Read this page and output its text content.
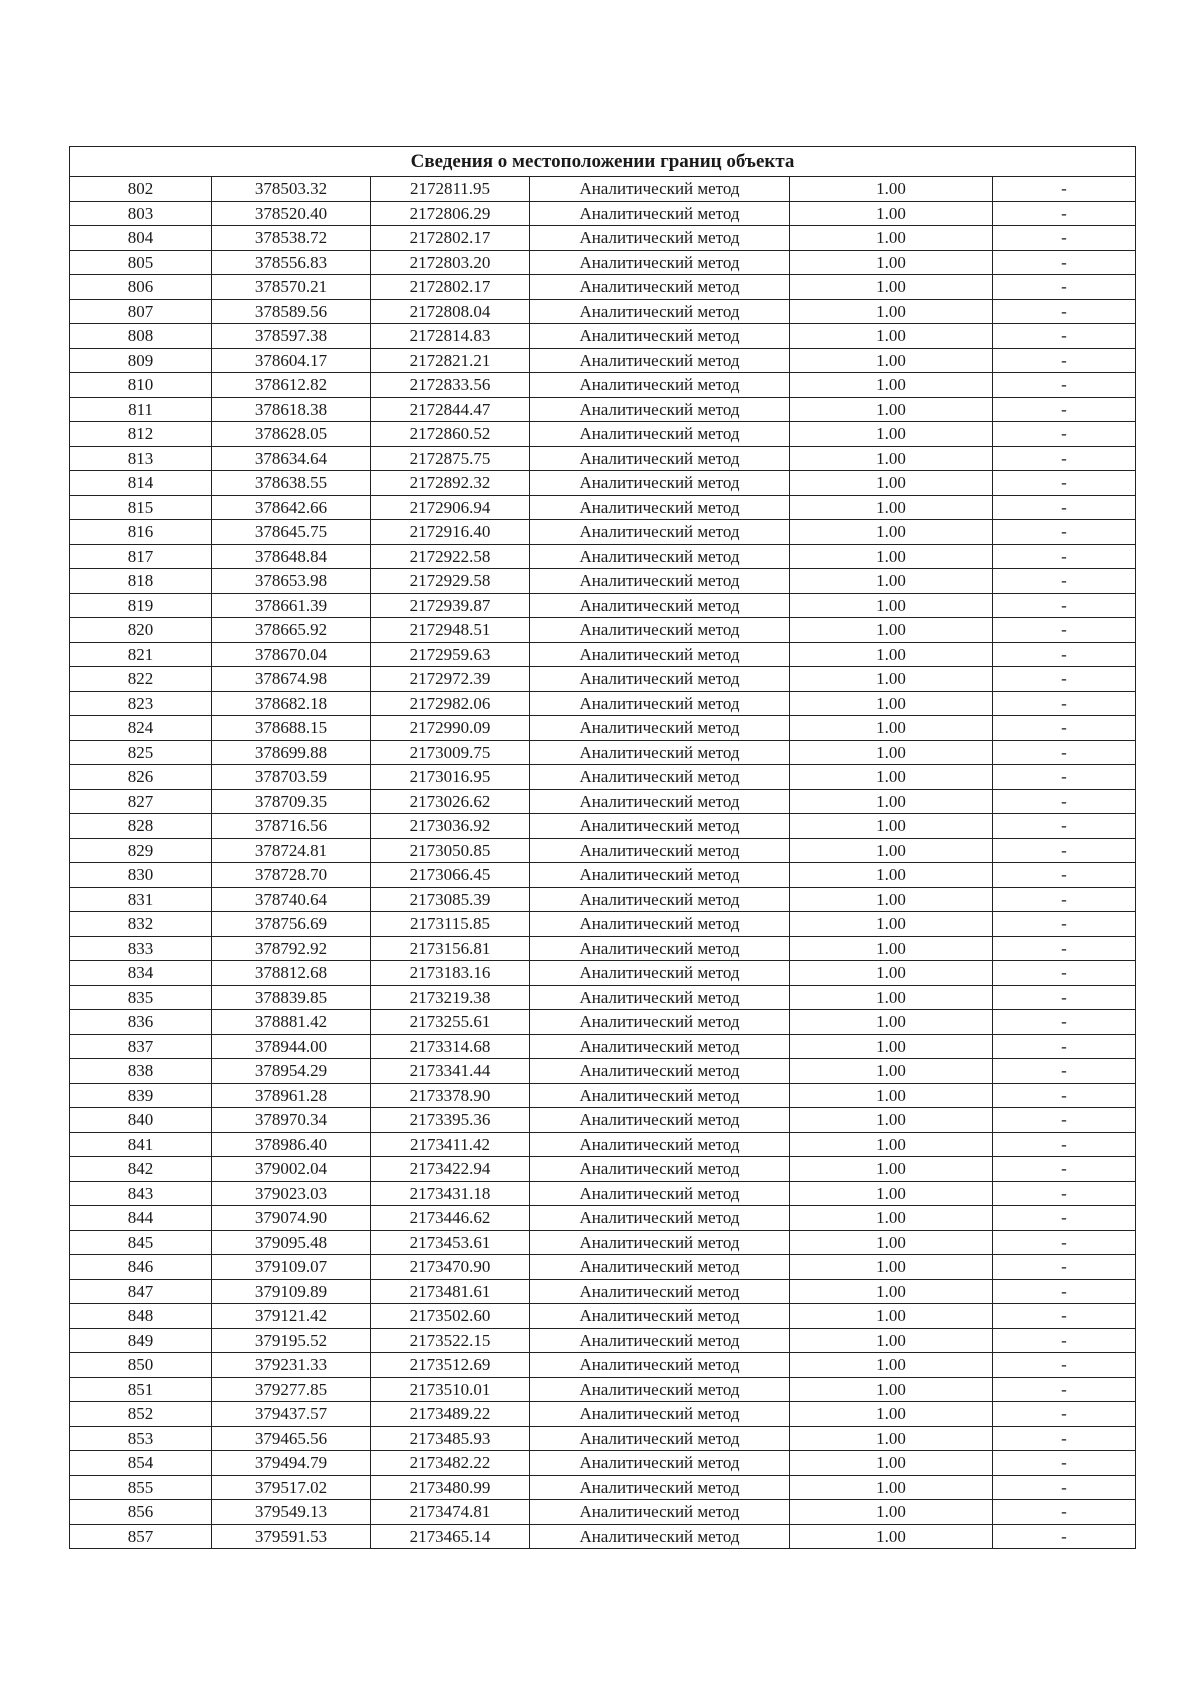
Сведения о местоположении границ объекта					
802	378503.32	2172811.95	Аналитический метод	1.00	-
803	378520.40	2172806.29	Аналитический метод	1.00	-
804	378538.72	2172802.17	Аналитический метод	1.00	-
805	378556.83	2172803.20	Аналитический метод	1.00	-
806	378570.21	2172802.17	Аналитический метод	1.00	-
807	378589.56	2172808.04	Аналитический метод	1.00	-
808	378597.38	2172814.83	Аналитический метод	1.00	-
809	378604.17	2172821.21	Аналитический метод	1.00	-
810	378612.82	2172833.56	Аналитический метод	1.00	-
811	378618.38	2172844.47	Аналитический метод	1.00	-
812	378628.05	2172860.52	Аналитический метод	1.00	-
813	378634.64	2172875.75	Аналитический метод	1.00	-
814	378638.55	2172892.32	Аналитический метод	1.00	-
815	378642.66	2172906.94	Аналитический метод	1.00	-
816	378645.75	2172916.40	Аналитический метод	1.00	-
817	378648.84	2172922.58	Аналитический метод	1.00	-
818	378653.98	2172929.58	Аналитический метод	1.00	-
819	378661.39	2172939.87	Аналитический метод	1.00	-
820	378665.92	2172948.51	Аналитический метод	1.00	-
821	378670.04	2172959.63	Аналитический метод	1.00	-
822	378674.98	2172972.39	Аналитический метод	1.00	-
823	378682.18	2172982.06	Аналитический метод	1.00	-
824	378688.15	2172990.09	Аналитический метод	1.00	-
825	378699.88	2173009.75	Аналитический метод	1.00	-
826	378703.59	2173016.95	Аналитический метод	1.00	-
827	378709.35	2173026.62	Аналитический метод	1.00	-
828	378716.56	2173036.92	Аналитический метод	1.00	-
829	378724.81	2173050.85	Аналитический метод	1.00	-
830	378728.70	2173066.45	Аналитический метод	1.00	-
831	378740.64	2173085.39	Аналитический метод	1.00	-
832	378756.69	2173115.85	Аналитический метод	1.00	-
833	378792.92	2173156.81	Аналитический метод	1.00	-
834	378812.68	2173183.16	Аналитический метод	1.00	-
835	378839.85	2173219.38	Аналитический метод	1.00	-
836	378881.42	2173255.61	Аналитический метод	1.00	-
837	378944.00	2173314.68	Аналитический метод	1.00	-
838	378954.29	2173341.44	Аналитический метод	1.00	-
839	378961.28	2173378.90	Аналитический метод	1.00	-
840	378970.34	2173395.36	Аналитический метод	1.00	-
841	378986.40	2173411.42	Аналитический метод	1.00	-
842	379002.04	2173422.94	Аналитический метод	1.00	-
843	379023.03	2173431.18	Аналитический метод	1.00	-
844	379074.90	2173446.62	Аналитический метод	1.00	-
845	379095.48	2173453.61	Аналитический метод	1.00	-
846	379109.07	2173470.90	Аналитический метод	1.00	-
847	379109.89	2173481.61	Аналитический метод	1.00	-
848	379121.42	2173502.60	Аналитический метод	1.00	-
849	379195.52	2173522.15	Аналитический метод	1.00	-
850	379231.33	2173512.69	Аналитический метод	1.00	-
851	379277.85	2173510.01	Аналитический метод	1.00	-
852	379437.57	2173489.22	Аналитический метод	1.00	-
853	379465.56	2173485.93	Аналитический метод	1.00	-
854	379494.79	2173482.22	Аналитический метод	1.00	-
855	379517.02	2173480.99	Аналитический метод	1.00	-
856	379549.13	2173474.81	Аналитический метод	1.00	-
857	379591.53	2173465.14	Аналитический метод	1.00	-
